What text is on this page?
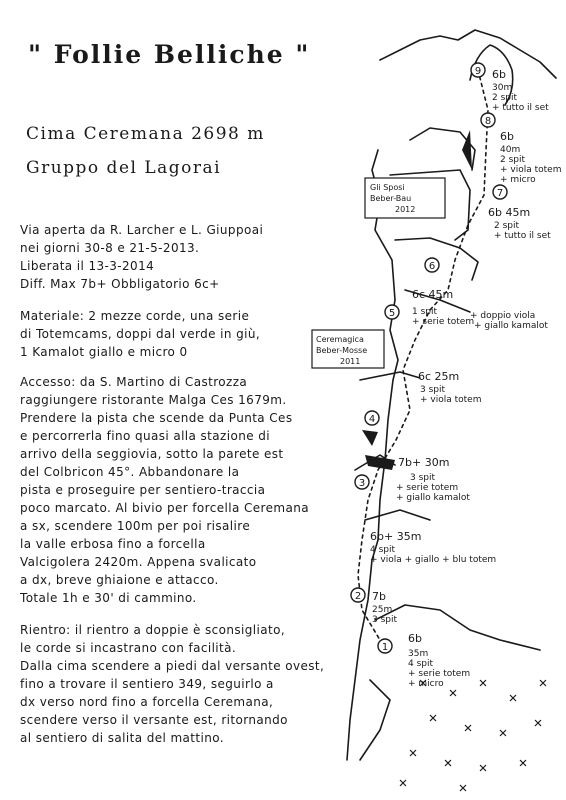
Gli Sposi
Beber-Bau
2012
Ceremagica
Beber-Mosse
2011
9
8
7
6
5
4
3
2
1
6b
30m
2 spit
+ tutto il set
6b
40m
2 spit
+ viola totem
+ micro
6b 45m
2 spit
+ tutto il set
6c 45m
1 spit
+ serie totem
+ doppio viola
+ giallo kamalot
6c 25m
3 spit
+ viola totem
7b+ 30m
3 spit
+ serie totem
+ giallo kamalot
6b+ 35m
4 spit
+ viola + giallo + blu totem
7b
25m
3 spit
6b
35m
4 spit
+ serie totem
+ micro
" Follie Belliche "
Cima Ceremana 2698 m
Gruppo del Lagorai

Via aperta da R. Larcher e L. Giuppoai

nei giorni 30-8 e 21-5-2013.

Liberata il 13-3-2014

Diff. Max 7b+ Obbligatorio 6c+

Materiale: 2 mezze corde, una serie

di Totemcams, doppi dal verde in giù,

1 Kamalot giallo e micro 0

Accesso: da S. Martino di Castrozza

raggiungere ristorante Malga Ces 1679m.

Prendere la pista che scende da Punta Ces

e percorrerla fino quasi alla stazione di

arrivo della seggiovia, sotto la parete est

del Colbricon 45°. Abbandonare la

pista e proseguire per sentiero-traccia

poco marcato. Al bivio per forcella Ceremana

a sx, scendere 100m per poi risalire

la valle erbosa fino a forcella

Valcigolera 2420m. Appena svalicato

a dx, breve ghiaione e attacco.

Totale 1h e 30' di cammino.

Rientro: il rientro a doppie è sconsigliato,

le corde si incastrano con facilità.

Dalla cima scendere a piedi dal versante ovest,

fino a trovare il sentiero 349, seguirlo a

dx verso nord fino a forcella Ceremana,

scendere verso il versante est, ritornando

al sentiero di salita del mattino.
